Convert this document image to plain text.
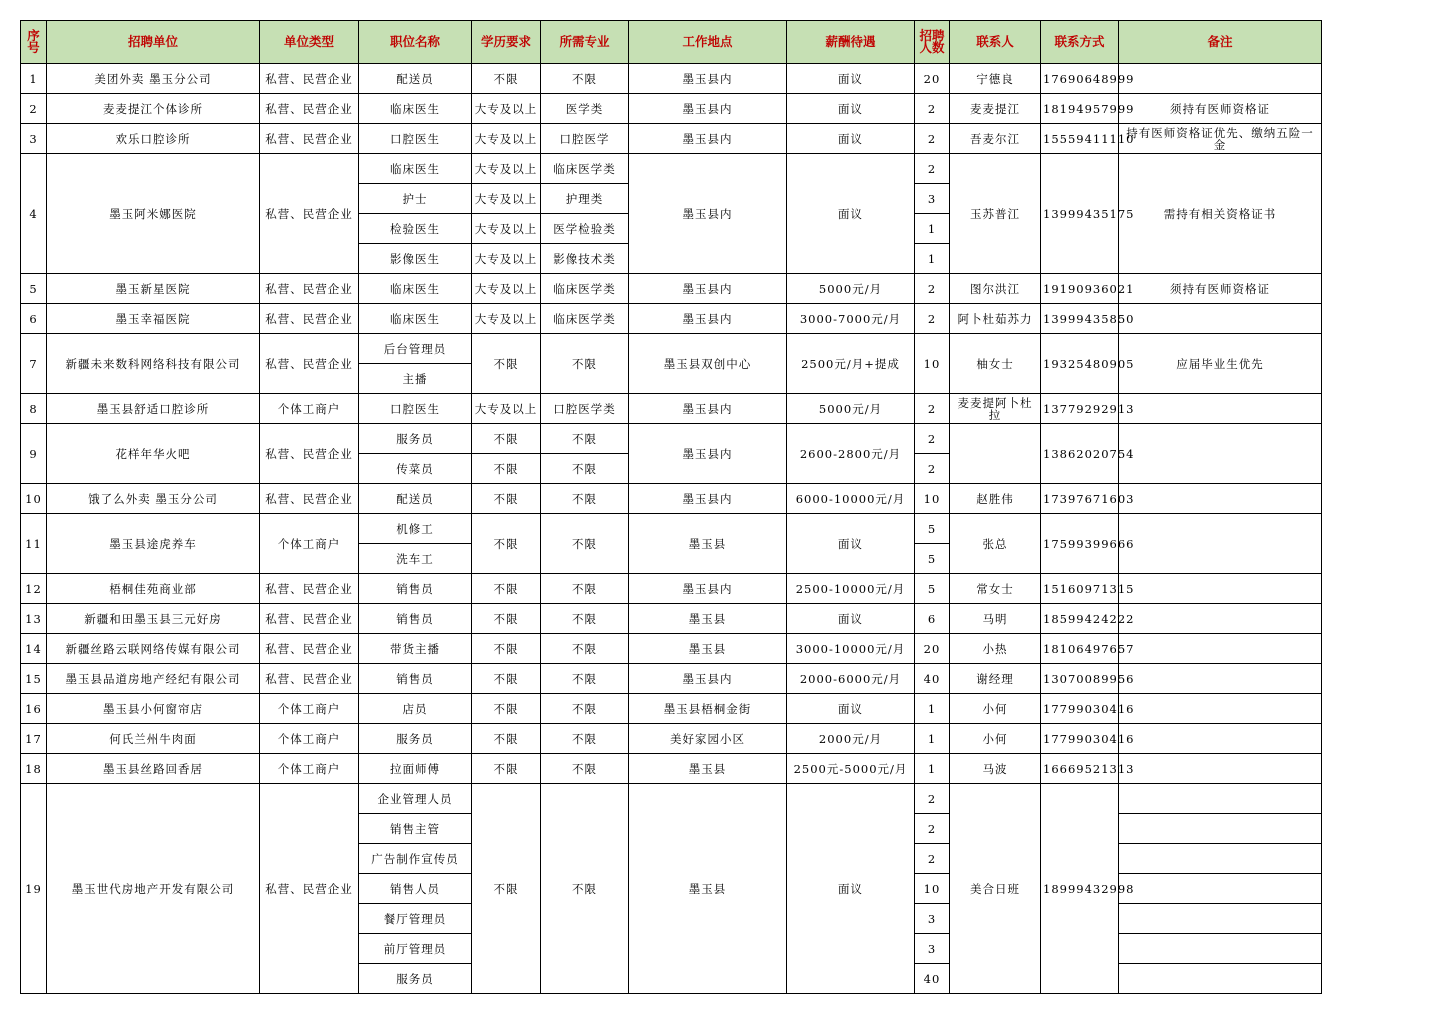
序号	招聘单位	单位类型	职位名称	学历要求	所需专业	工作地点	薪酬待遇	招聘人数	联系人	联系方式	备注
1	美团外卖 墨玉分公司	私营、民营企业	配送员	不限	不限	墨玉县内	面议	20	宁德良	17690648999	
2	麦麦提江个体诊所	私营、民营企业	临床医生	大专及以上	医学类	墨玉县内	面议	2	麦麦提江	18194957999	须持有医师资格证
3	欢乐口腔诊所	私营、民营企业	口腔医生	大专及以上	口腔医学	墨玉县内	面议	2	吾麦尔江	15559411110	持有医师资格证优先、缴纳五险一金
4	墨玉阿米娜医院	私营、民营企业	临床医生	大专及以上	临床医学类	墨玉县内	面议	2	玉苏普江	13999435175	需持有相关资格证书
			护士	大专及以上	护理类			3			
			检验医生	大专及以上	医学检验类			1			
			影像医生	大专及以上	影像技术类			1			
5	墨玉新星医院	私营、民营企业	临床医生	大专及以上	临床医学类	墨玉县内	5000元/月	2	图尔洪江	19190936021	须持有医师资格证
6	墨玉幸福医院	私营、民营企业	临床医生	大专及以上	临床医学类	墨玉县内	3000-7000元/月	2	阿卜杜茹苏力	13999435850	
7	新疆未来数科网络科技有限公司	私营、民营企业	后台管理员	不限	不限	墨玉县双创中心	2500元/月+提成	10	柚女士	19325480905	应届毕业生优先
			主播								
8	墨玉县舒适口腔诊所	个体工商户	口腔医生	大专及以上	口腔医学类	墨玉县内	5000元/月	2	麦麦提阿卜杜拉	13779292913	
9	花样年华火吧	私营、民营企业	服务员	不限	不限	墨玉县内	2600-2800元/月	2		13862020754	
			传菜员	不限	不限			2			
10	饿了么外卖 墨玉分公司	私营、民营企业	配送员	不限	不限	墨玉县内	6000-10000元/月	10	赵胜伟	17397671603	
11	墨玉县途虎养车	个体工商户	机修工	不限	不限	墨玉县	面议	5	张总	17599399666	
			洗车工					5			
12	梧桐佳苑商业部	私营、民营企业	销售员	不限	不限	墨玉县内	2500-10000元/月	5	常女士	15160971315	
13	新疆和田墨玉县三元好房	私营、民营企业	销售员	不限	不限	墨玉县	面议	6	马明	18599424222	
14	新疆丝路云联网络传媒有限公司	私营、民营企业	带货主播	不限	不限	墨玉县	3000-10000元/月	20	小热	18106497657	
15	墨玉县品道房地产经纪有限公司	私营、民营企业	销售员	不限	不限	墨玉县内	2000-6000元/月	40	谢经理	13070089956	
16	墨玉县小何窗帘店	个体工商户	店员	不限	不限	墨玉县梧桐金街	面议	1	小何	17799030416	
17	何氏兰州牛肉面	个体工商户	服务员	不限	不限	美好家园小区	2000元/月	1	小何	17799030416	
18	墨玉县丝路回香居	个体工商户	拉面师傅	不限	不限	墨玉县	2500元-5000元/月	1	马波	16669521313	
19	墨玉世代房地产开发有限公司	私营、民营企业	企业管理人员	不限	不限	墨玉县	面议	2	美合日班	18999432998	
			销售主管					2			
			广告制作宣传员					2			
			销售人员					10			
			餐厅管理员					3			
			前厅管理员					3			
			服务员					40			
